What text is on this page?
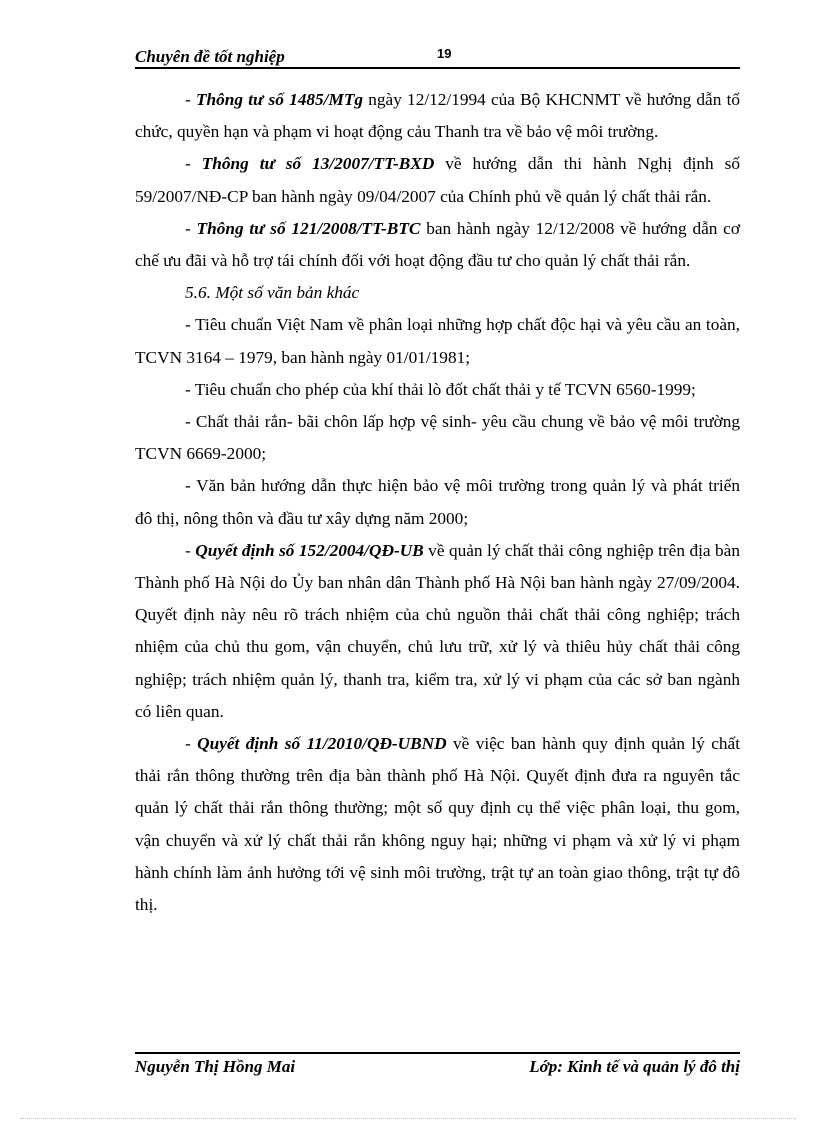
Chuyên đề tốt nghiệp	19

- Thông tư số 1485/MTg ngày 12/12/1994 của Bộ KHCNMT về hướng dẫn tổ chức, quyền hạn và phạm vi hoạt động cảu Thanh tra về bảo vệ môi trường.

- Thông tư số 13/2007/TT-BXD về hướng dẫn thi hành Nghị định số 59/2007/NĐ-CP ban hành ngày 09/04/2007 của Chính phủ về quản lý chất thải rắn.

- Thông tư số 121/2008/TT-BTC ban hành ngày 12/12/2008 về hướng dẫn cơ chế ưu đãi và hỗ trợ tái chính đối với hoạt động đầu tư cho quản lý chất thải rắn.

5.6. Một số văn bản khác

- Tiêu chuẩn Việt Nam về phân loại những hợp chất độc hại và yêu cầu an toàn, TCVN 3164 – 1979, ban hành ngày 01/01/1981;

- Tiêu chuẩn cho phép của khí thải lò đốt chất thải y tế TCVN 6560-1999;

- Chất thải rắn- bãi chôn lấp hợp vệ sinh- yêu cầu chung về bảo vệ môi trường TCVN 6669-2000;

- Văn bản hướng dẫn thực hiện bảo vệ môi trường trong quản lý và phát triển đô thị, nông thôn và đầu tư xây dựng năm 2000;

- Quyết định số 152/2004/QĐ-UB về quản lý chất thải công nghiệp trên địa bàn Thành phố Hà Nội do Ủy ban nhân dân Thành phố Hà Nội ban hành ngày 27/09/2004. Quyết định này nêu rõ trách nhiệm của chủ nguồn thải chất thải công nghiệp; trách nhiệm của chủ thu gom, vận chuyển, chủ lưu trữ, xử lý và thiêu hủy chất thải công nghiệp; trách nhiệm quản lý, thanh tra, kiểm tra, xử lý vi phạm của các sở ban ngành có liên quan.

- Quyết định số 11/2010/QĐ-UBND về việc ban hành quy định quản lý chất thải rắn thông thường trên địa bàn thành phố Hà Nội. Quyết định đưa ra nguyên tắc quản lý chất thải rắn thông thường; một số quy định cụ thể việc phân loại, thu gom, vận chuyển và xử lý chất thải rắn không nguy hại; những vi phạm và xử lý vi phạm hành chính làm ảnh hưởng tới vệ sinh môi trường, trật tự an toàn giao thông, trật tự đô thị.

Nguyễn Thị Hồng Mai	Lớp: Kinh tế và quản lý đô thị
